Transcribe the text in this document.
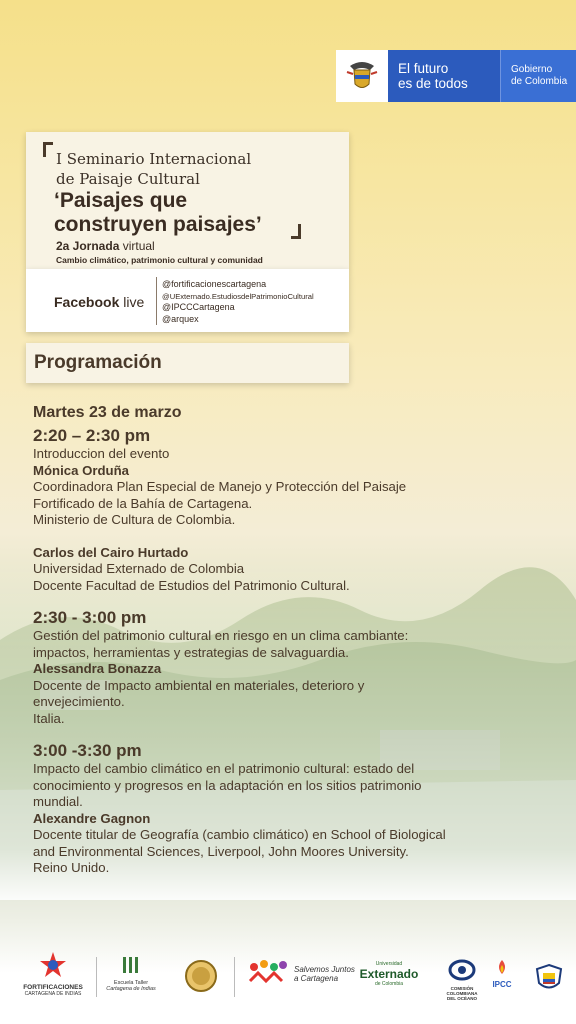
El futuro
es de todos
Gobierno
de Colombia
I Seminario Internacional
de Paisaje Cultural
‘Paisajes que
construyen paisajes’
2a Jornada virtual
Cambio climático, patrimonio cultural y comunidad
Facebook live
@fortificacionescartagena
@UExternado.EstudiosdelPatrimonioCultural
@IPCCCartagena
@arquex
Programación
Martes 23 de marzo
2:20 – 2:30 pm
Introduccion del evento
Mónica Orduña
Coordinadora Plan Especial de Manejo y Protección del Paisaje Fortificado de la Bahía de Cartagena.
Ministerio de Cultura de Colombia.
Carlos del Cairo Hurtado
Universidad Externado de Colombia
Docente Facultad de Estudios del Patrimonio Cultural.
2:30 - 3:00 pm
Gestión del patrimonio cultural en riesgo en un clima cambiante: impactos, herramientas y estrategias de salvaguardia.
Alessandra Bonazza
Docente de Impacto ambiental en materiales, deterioro y envejecimiento.
Italia.
3:00 -3:30 pm
Impacto del cambio climático en el patrimonio cultural: estado del conocimiento y progresos en la adaptación en los sitios patrimonio mundial.
Alexandre Gagnon
Docente titular de Geografía (cambio climático) en School of Biological and Environmental Sciences, Liverpool, John Moores University.
Reino Unido.
FORTIFICACIONES
CARTAGENA DE INDIAS
Escuela Taller
Cartagena de Indias
Salvemos Juntos
a Cartagena
Universidad
Externado
de Colombia
COMISIÓN
COLOMBIANA
DEL OCÉANO
IPCC
